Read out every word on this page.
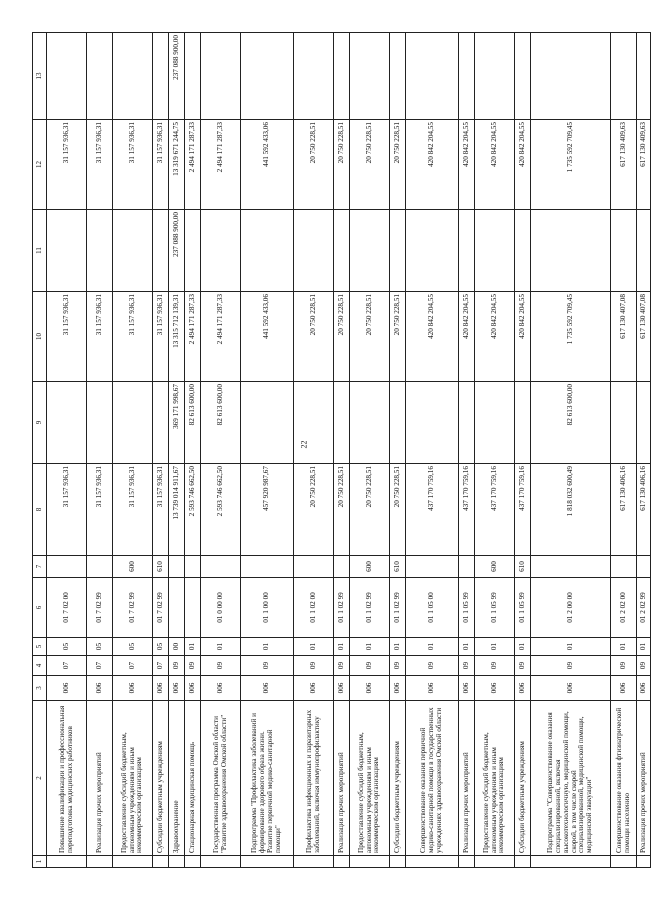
22
1	2	3	4	5	6	7	8	9	10	11	12	13
	Повышение квалификации и профессиональная переподготовка медицинских работников	006	07	05	01 7 02 00		31 157 936,31		31 157 936,31		31 157 936,31	
	Реализация прочих мероприятий	006	07	05	01 7 02 99		31 157 936,31		31 157 936,31		31 157 936,31	
	Предоставление субсидий бюджетным, автономным учреждениям и иным некоммерческим организациям	006	07	05	01 7 02 99	600	31 157 936,31		31 157 936,31		31 157 936,31	
	Субсидии бюджетным учреждениям	006	07	05	01 7 02 99	610	31 157 936,31		31 157 936,31		31 157 936,31	
	Здравоохранение	006	09	00			13 739 014 911,67	369 171 998,67	13 315 712 139,31	237 088 900,00	13 319 671 244,75	237 088 900,00
	Стационарная медицинская помощь	006	09	01			2 593 746 662,50	82 613 600,00	2 494 171 287,33		2 494 171 287,33	
	Государственная программа Омской области "Развитие здравоохранения Омской области"	006	09	01	01 0 00 00		2 593 746 662,50	82 613 600,00	2 494 171 287,33		2 494 171 287,33	
	Подпрограмма "Профилактика заболеваний и формирование здорового образа жизни. Развитие первичной медико-санитарной помощи"	006	09	01	01 1 00 00		457 920 987,67		441 592 433,06		441 592 433,06	
	Профилактика инфекционных и паразитарных заболеваний, включая иммунопрофилактику	006	09	01	01 1 02 00		20 750 228,51		20 750 228,51		20 750 228,51	
	Реализация прочих мероприятий	006	09	01	01 1 02 99		20 750 228,51		20 750 228,51		20 750 228,51	
	Предоставление субсидий бюджетным, автономным учреждениям и иным некоммерческим организациям	006	09	01	01 1 02 99	600	20 750 228,51		20 750 228,51		20 750 228,51	
	Субсидии бюджетным учреждениям	006	09	01	01 1 02 99	610	20 750 228,51		20 750 228,51		20 750 228,51	
	Совершенствование оказания первичной медико-санитарной помощи в государственных учреждениях здравоохранения Омской области	006	09	01	01 1 05 00		437 170 759,16		420 842 204,55		420 842 204,55	
	Реализация прочих мероприятий	006	09	01	01 1 05 99		437 170 759,16		420 842 204,55		420 842 204,55	
	Предоставление субсидий бюджетным, автономным учреждениям и иным некоммерческим организациям	006	09	01	01 1 05 99	600	437 170 759,16		420 842 204,55		420 842 204,55	
	Субсидии бюджетным учреждениям	006	09	01	01 1 05 99	610	437 170 759,16		420 842 204,55		420 842 204,55	
	Подпрограмма "Совершенствование оказания специализированной, включая высокотехнологичную, медицинской помощи, скорой, в том числе скорой специализированной, медицинской помощи, медицинской эвакуации"	006	09	01	01 2 00 00		1 818 032 600,49	82 613 600,00	1 735 592 709,45		1 735 592 709,45	
	Совершенствование оказания фтизиатрической помощи населению	006	09	01	01 2 02 00		617 130 406,16		617 130 407,08		617 130 409,63	
	Реализация прочих мероприятий	006	09	01	01 2 02 99		617 130 406,16		617 130 407,08		617 130 409,63	
